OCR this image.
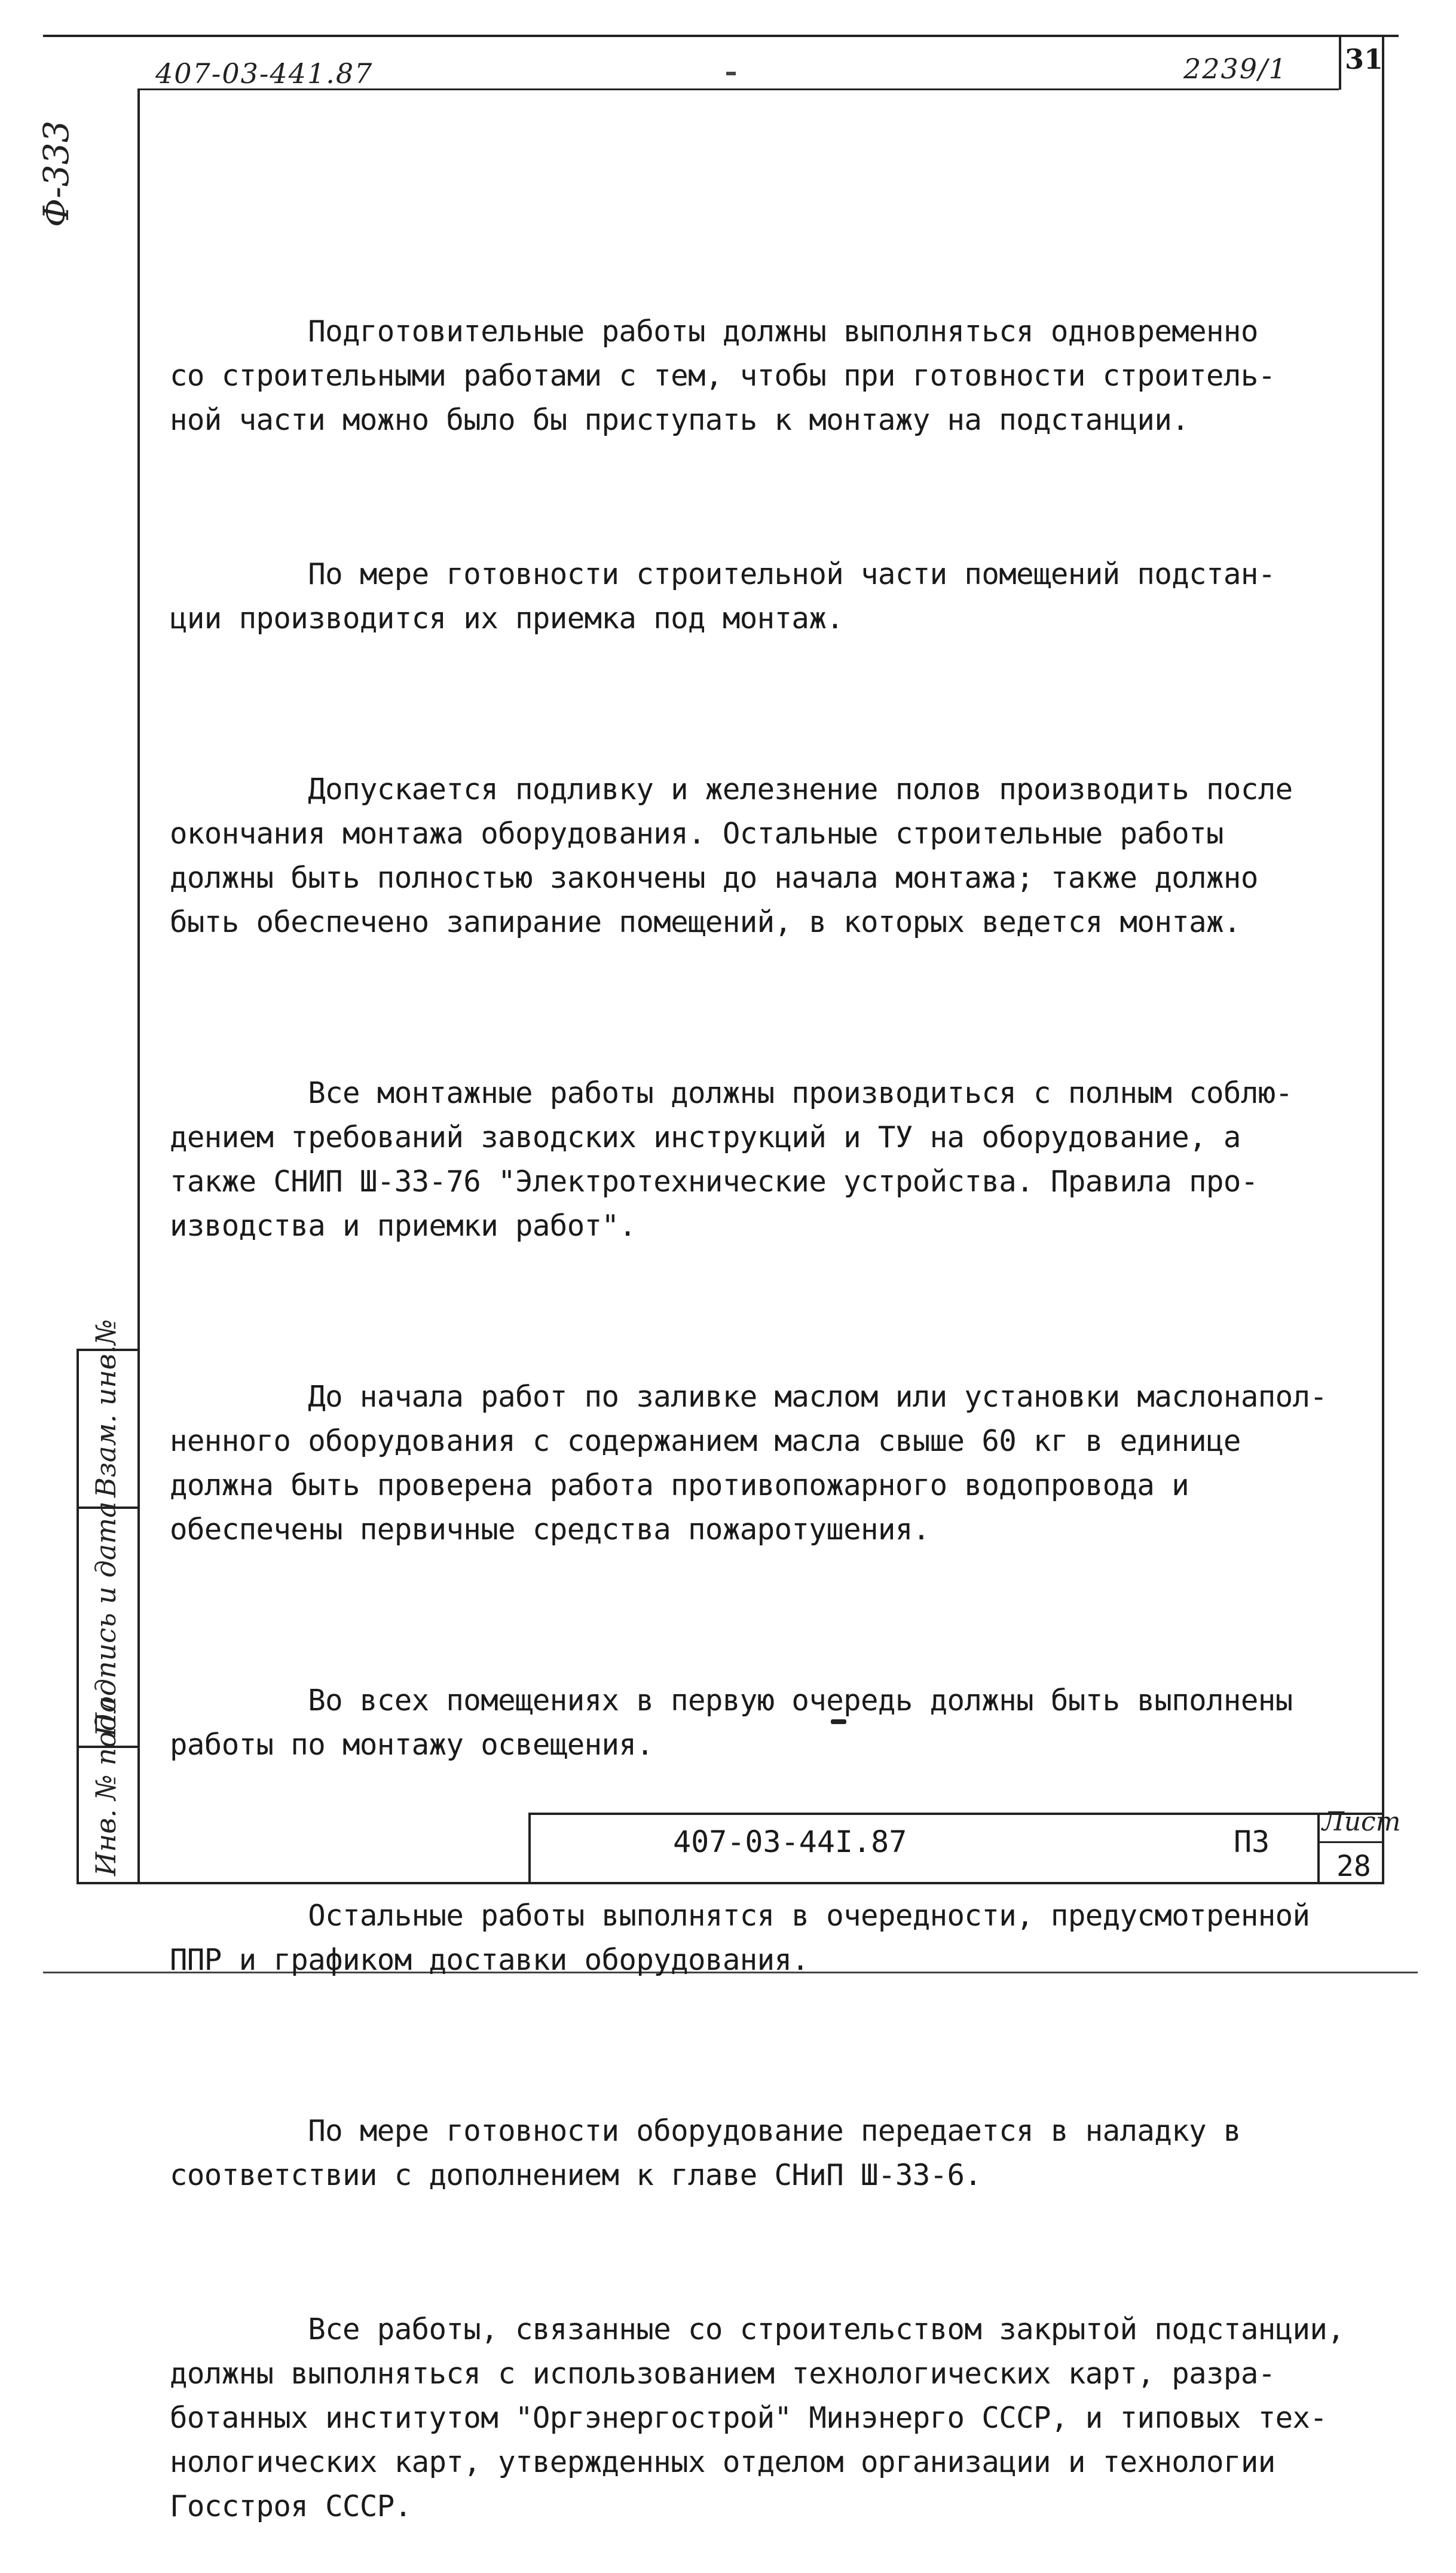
407-03-441.87	2239/1 31
Ф-333

Подготовительные работы должны выполняться одновременно
со строительными работами с тем, чтобы при готовности строитель-
ной части можно было бы приступать к монтажу на подстанции.

По мере готовности строительной части помещений подстан-
ции производится их приемка под монтаж.

Допускается подливку и железнение полов производить после
окончания монтажа оборудования. Остальные строительные работы
должны быть полностью закончены до начала монтажа; также должно
быть обеспечено запирание помещений, в которых ведется монтаж.

Все монтажные работы должны производиться с полным соблю-
дением требований заводских инструкций и ТУ на оборудование, а
также СНИП Ш-33-76 "Электротехнические устройства. Правила про-
изводства и приемки работ".

До начала работ по заливке маслом или установки маслонапол-
ненного оборудования с содержанием масла свыше 60 кг в единице
должна быть проверена работа противопожарного водопровода и
обеспечены первичные средства пожаротушения.

Во всех помещениях в первую очередь должны быть выполнены
работы по монтажу освещения.

Остальные работы выполнятся в очередности, предусмотренной
ППР и графиком доставки оборудования.

По мере готовности оборудование передается в наладку в
соответствии с дополнением к главе СНиП Ш-33-6.

Все работы, связанные со строительством закрытой подстанции,
должны выполняться с использованием технологических карт, разра-
ботанных институтом "Оргэнергострой" Минэнерго СССР, и типовых тех-
нологических карт, утвержденных отделом организации и технологии
Госстроя СССР.

Взам. инв.№
Подпись и дата
Инв. № подл	407-03-44I.87	ПЗ
Лист
28
